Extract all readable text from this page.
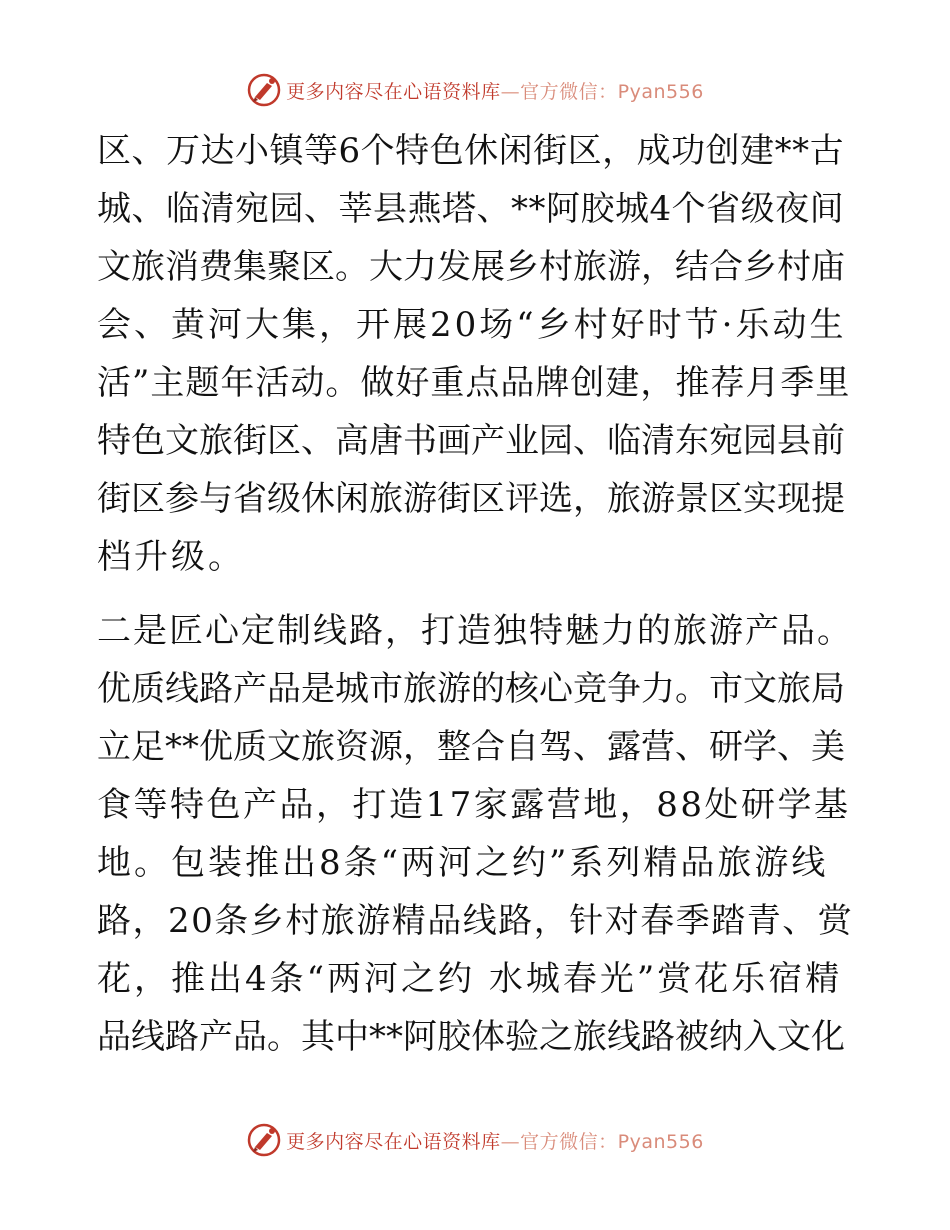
更多内容尽在心语资料库—官方微信：Pyan556
区、万达小镇等6个特色休闲街区，成功创建**古
城、临清宛园、莘县燕塔、**阿胶城4个省级夜间
文旅消费集聚区。大力发展乡村旅游，结合乡村庙
会、黄河大集，开展20场“乡村好时节·乐动生
活”主题年活动。做好重点品牌创建，推荐月季里
特色文旅街区、高唐书画产业园、临清东宛园县前
街区参与省级休闲旅游街区评选，旅游景区实现提
档升级。
二是匠心定制线路，打造独特魅力的旅游产品。
优质线路产品是城市旅游的核心竞争力。市文旅局
立足**优质文旅资源，整合自驾、露营、研学、美
食等特色产品，打造17家露营地，88处研学基
地。包装推出8条“两河之约”系列精品旅游线
路，20条乡村旅游精品线路，针对春季踏青、赏
花，推出4条“两河之约 水城春光”赏花乐宿精
品线路产品。其中**阿胶体验之旅线路被纳入文化
更多内容尽在心语资料库—官方微信：Pyan556
